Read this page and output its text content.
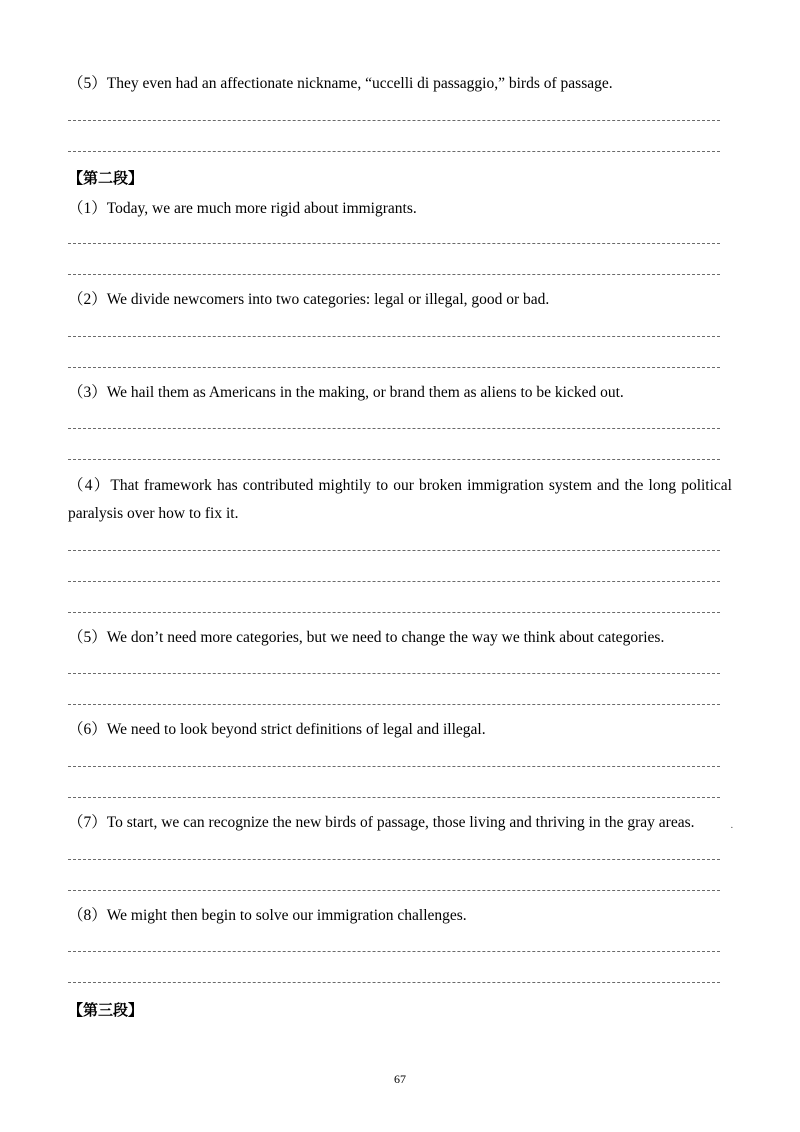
（5）They even had an affectionate nickname, “uccelli di passaggio,” birds of passage.
【第二段】
（1）Today, we are much more rigid about immigrants.
（2）We divide newcomers into two categories: legal or illegal, good or bad.
（3）We hail them as Americans in the making, or brand them as aliens to be kicked out.
（4）That framework has contributed mightily to our broken immigration system and the long political paralysis over how to fix it.
（5）We don’t need more categories, but we need to change the way we think about categories.
（6）We need to look beyond strict definitions of legal and illegal.
（7）To start, we can recognize the new birds of passage, those living and thriving in the gray areas.	·
（8）We might then begin to solve our immigration challenges.
【第三段】
67
